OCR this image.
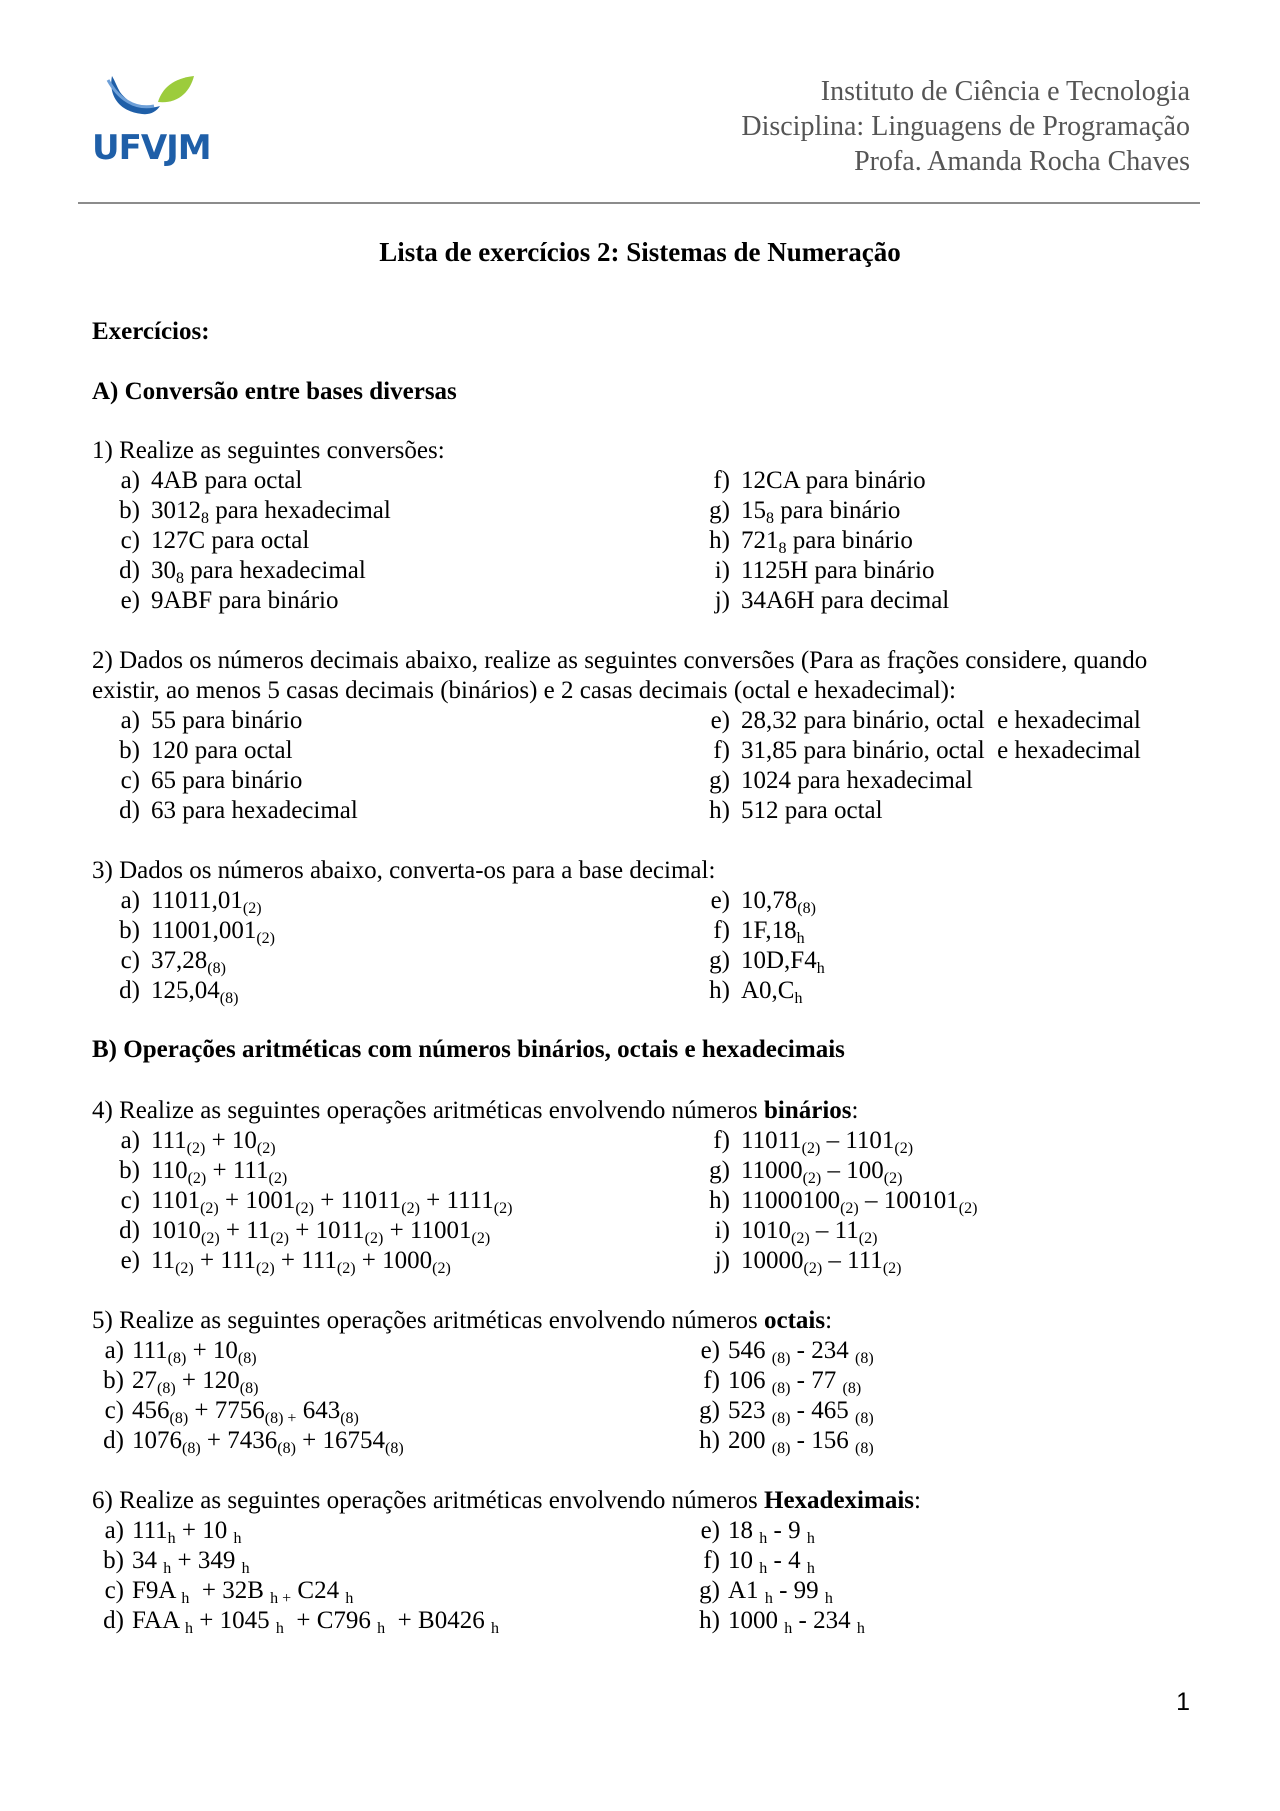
UFVJM
Instituto de Ciência e Tecnologia
Disciplina: Linguagens de Programação
Profa. Amanda Rocha Chaves
Lista de exercícios 2: Sistemas de Numeração
Exercícios:
A) Conversão entre bases diversas
1) Realize as seguintes conversões:
a) 4AB para octal
b) $3012_8$ para hexadecimal
c) 127C para octal
d) $30_8$ para hexadecimal
e) 9ABF para binário
f) 12CA para binário
g) $15_8$ para binário
h) $721_8$ para binário
i) 1125H para binário
j) 34A6H para decimal
2) Dados os números decimais abaixo, realize as seguintes conversões (Para as frações considere, quando existir, ao menos 5 casas decimais (binários) e 2 casas decimais (octal e hexadecimal):
a) 55 para binário
b) 120 para octal
c) 65 para binário
d) 63 para hexadecimal
e) 28,32 para binário, octal  e hexadecimal
f) 31,85 para binário, octal  e hexadecimal
g) 1024 para hexadecimal
h) 512 para octal
3) Dados os números abaixo, converta-os para a base decimal:
a) $11011,01_{(2)}$
b) $11001,001_{(2)}$
c) $37,28_{(8)}$
d) $125,04_{(8)}$
e) $10,78_{(8)}$
f) $1F,18_h$
g) $10D,F4_h$
h) $A0,C_h$
B) Operações aritméticas com números binários, octais e hexadecimais
4) Realize as seguintes operações aritméticas envolvendo números binários:
a) $111_{(2)} + 10_{(2)}$
b) $110_{(2)} + 111_{(2)}$
c) $1101_{(2)} + 1001_{(2)} + 11011_{(2)} + 1111_{(2)}$
d) $1010_{(2)} + 11_{(2)} + 1011_{(2)} + 11001_{(2)}$
e) $11_{(2)} + 111_{(2)} + 111_{(2)} + 1000_{(2)}$
f) $11011_{(2)} - 1101_{(2)}$
g) $11000_{(2)} - 100_{(2)}$
h) $11000100_{(2)} - 100101_{(2)}$
i) $1010_{(2)} - 11_{(2)}$
j) $10000_{(2)} - 111_{(2)}$
5) Realize as seguintes operações aritméticas envolvendo números octais:
a) $111_{(8)} + 10_{(8)}$
b) $27_{(8)} + 120_{(8)}$
c) $456_{(8)} + 7756_{(8) +}$ $643_{(8)}$
d) $1076_{(8)} + 7436_{(8)} + 16754_{(8)}$
e) 546 $_{(8)}$ - 234 $_{(8)}$
f) 106 $_{(8)}$ - 77 $_{(8)}$
g) 523 $_{(8)}$ - 465 $_{(8)}$
h) 200 $_{(8)}$ - 156 $_{(8)}$
6) Realize as seguintes operações aritméticas envolvendo números Hexadeximais:
a) $111_h + 10$ $_h$
b) 34 $_h$ + 349 $_h$
c) F9A $_h$  + 32B $_{h +}$ C24 $_h$
d) FAA $_h$ + 1045 $_h$  + C796 $_h$  + B0426 $_h$
e) 18 $_h$ - 9 $_h$
f) 10 $_h$ - 4 $_h$
g) A1 $_h$ - 99 $_h$
h) 1000 $_h$ - 234 $_h$
1
